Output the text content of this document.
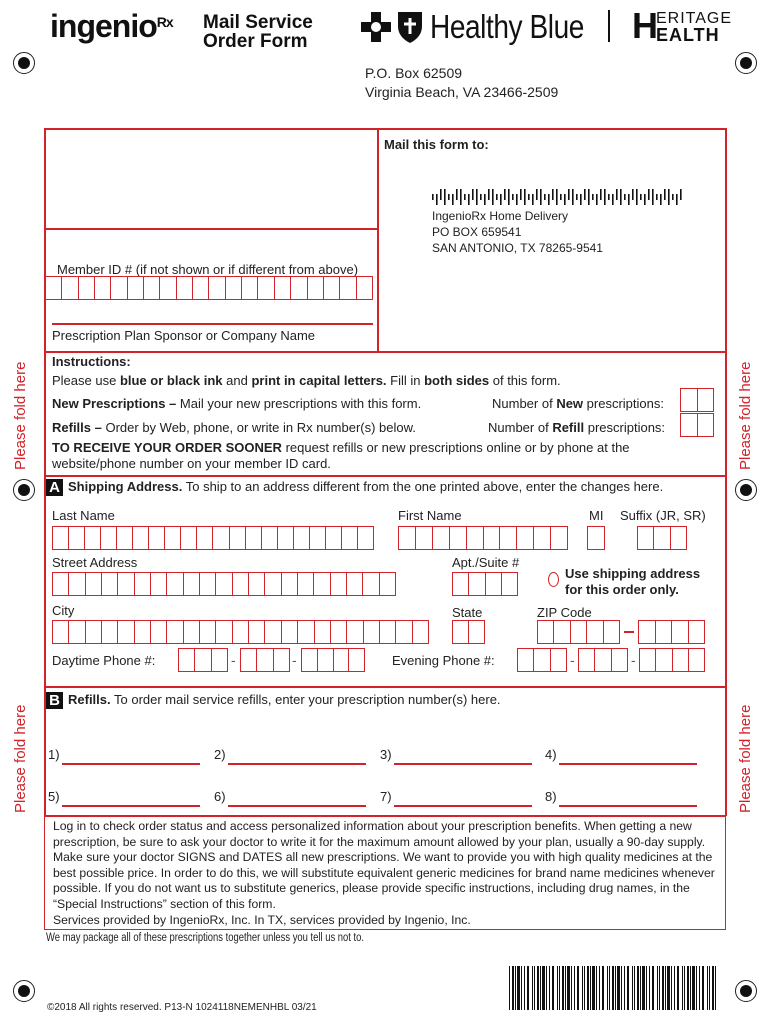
ingenio$^{Rx}$ Mail Service
Order Form	Healthy Blue H
ERITAGE
EALTH
P.O. Box 62509
Virginia Beach, VA 23466-2509
Please fold here	Please fold here
Please fold here	Please fold here
Mail this form to:
IngenioRx Home Delivery
PO BOX 659541
SAN ANTONIO, TX 78265-9541
Member ID # (if not shown or if different from above)
Prescription Plan Sponsor or Company Name
Instructions:
Please use blue or black ink and print in capital letters. Fill in both sides of this form.
New Prescriptions – Mail your new prescriptions with this form.	Number of New prescriptions:
Refills – Order by Web, phone, or write in Rx number(s) below.	Number of Refill prescriptions:
TO RECEIVE YOUR ORDER SOONER request refills or new prescriptions online or by phone at the
website/phone number on your member ID card.
A Shipping Address. To ship to an address different from the one printed above, enter the changes here.
Last Name	First Name	MI Suffix (JR, SR)
Street Address	Apt./Suite #
Use shipping address
for this order only.
City	State	ZIP Code
Daytime Phone #:	-	-	Evening Phone #:	-	-
B Refills. To order mail service refills, enter your prescription number(s) here.
1)	2)	3)	4)
5)	6)	7)	8)
Log in to check order status and access personalized information about your prescription benefits. When getting a new prescription, be sure to ask your doctor to write it for the maximum amount allowed by your plan, usually a 90-day supply. Make sure your doctor SIGNS and DATES all new prescriptions. We want to provide you with high quality medicines at the best possible price. In order to do this, we will substitute equivalent generic medicines for brand name medicines whenever possible. If you do not want us to substitute generics, please provide specific instructions, including drug names, in the “Special Instructions” section of this form.
Services provided by IngenioRx, Inc. In TX, services provided by Ingenio, Inc.
We may package all of these prescriptions together unless you tell us not to.
©2018 All rights reserved. P13-N 1024118NEMENHBL 03/21
